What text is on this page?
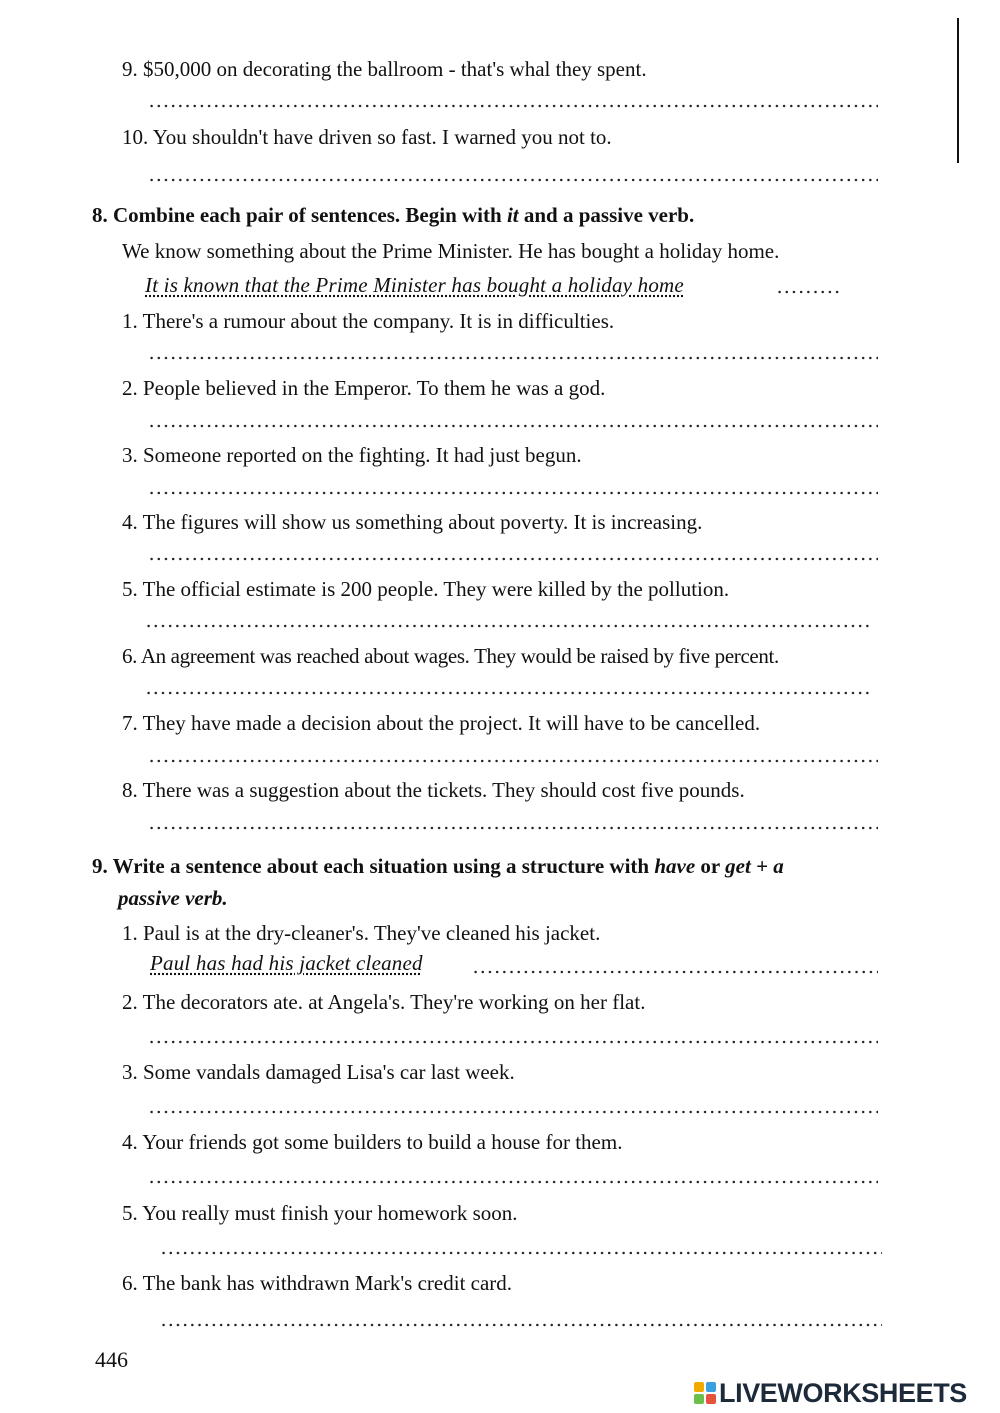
9. $50,000 on decorating the ballroom - that's whal they spent.
10. You shouldn't have driven so fast. I warned you not to.
8. Combine each pair of sentences. Begin with it and a passive verb.
We know something about the Prime Minister. He has bought a holiday home.
It is known that the Prime Minister has bought a holiday home
1. There's a rumour about the company. It is in difficulties.
2. People believed in the Emperor. To them he was a god.
3. Someone reported on the fighting. It had just begun.
4. The figures will show us something about poverty. It is increasing.
5. The official estimate is 200 people. They were killed by the pollution.
6. An agreement was reached about wages. They would be raised by five percent.
7. They have made a decision about the project. It will have to be cancelled.
8. There was a suggestion about the tickets. They should cost five pounds.
9. Write a sentence about each situation using a structure with have or get + a
passive verb.
1. Paul is at the dry-cleaner's. They've cleaned his jacket.
Paul has had his jacket cleaned
2. The decorators ate. at Angela's. They're working on her flat.
3. Some vandals damaged Lisa's car last week.
4. Your friends got some builders to build a house for them.
5. You really must finish your homework soon.
6. The bank has withdrawn Mark's credit card.
446
LIVEWORKSHEETS
